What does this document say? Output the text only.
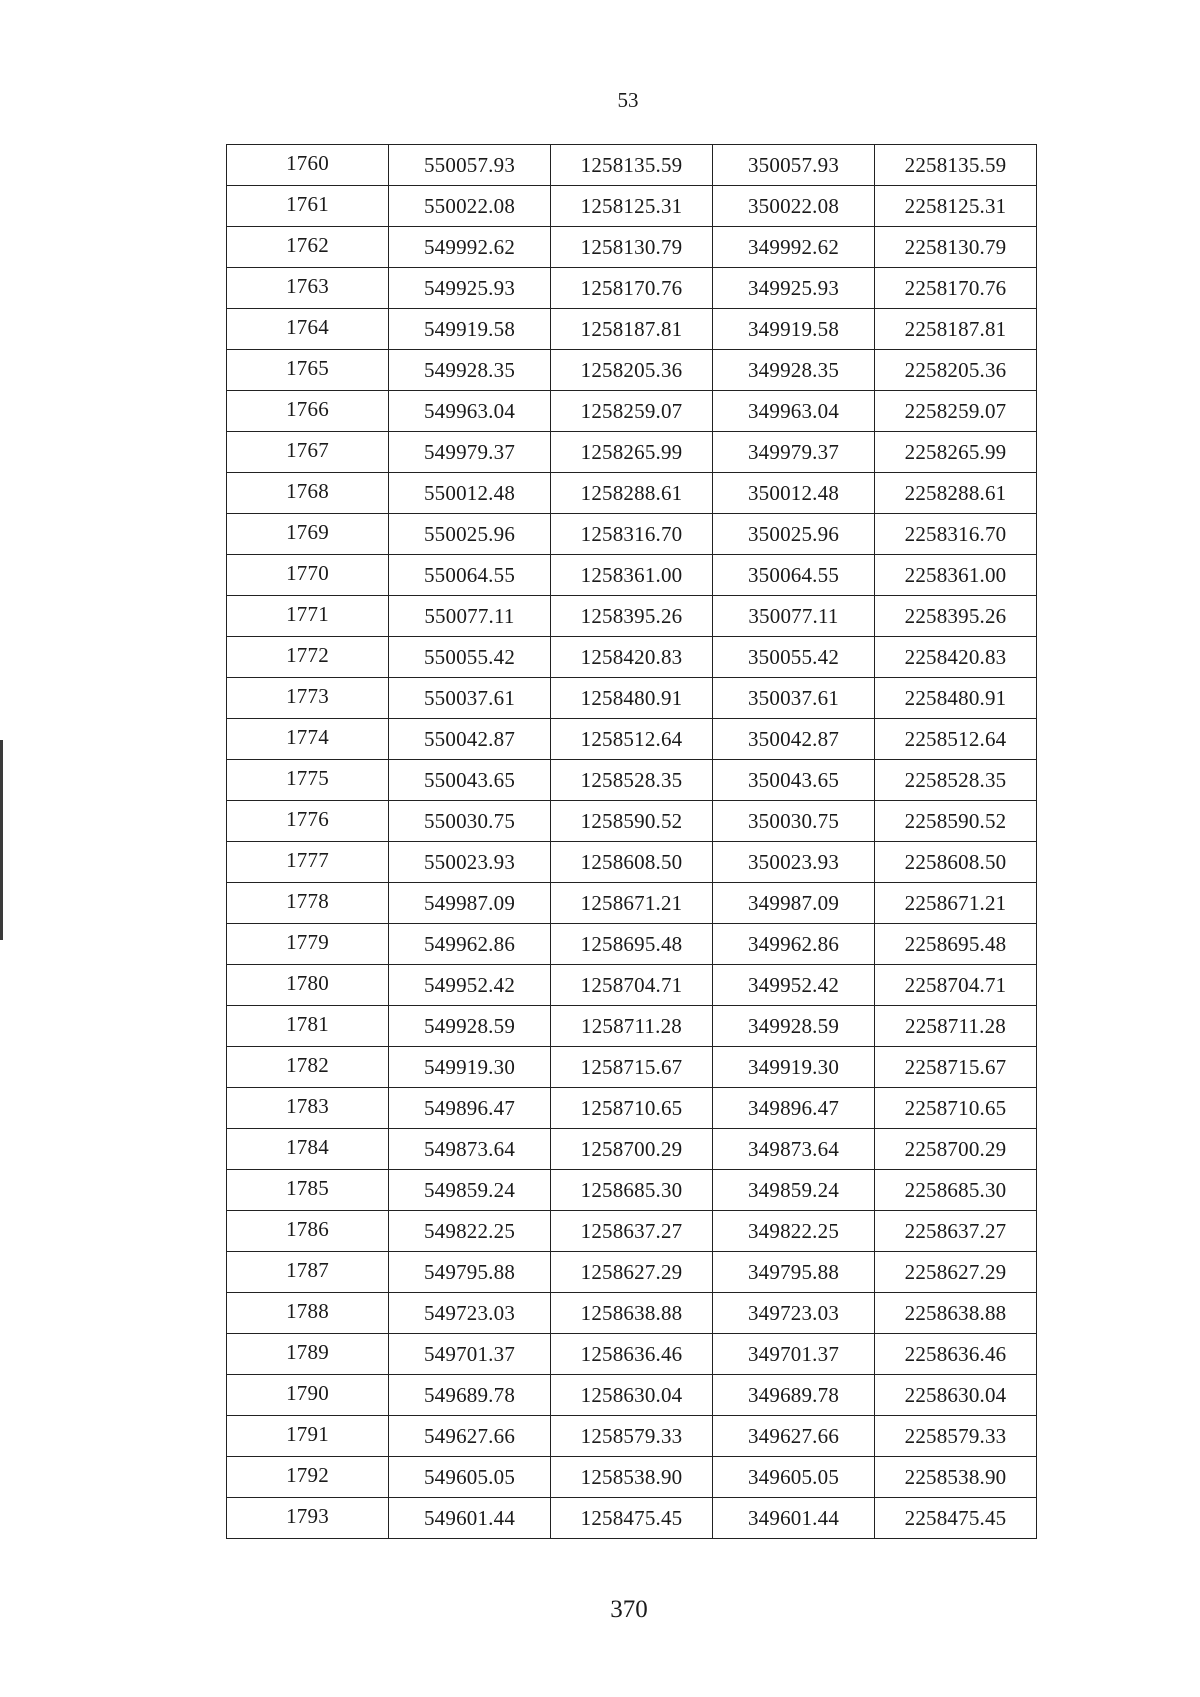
53
1760	550057.93	1258135.59	350057.93	2258135.59
1761	550022.08	1258125.31	350022.08	2258125.31
1762	549992.62	1258130.79	349992.62	2258130.79
1763	549925.93	1258170.76	349925.93	2258170.76
1764	549919.58	1258187.81	349919.58	2258187.81
1765	549928.35	1258205.36	349928.35	2258205.36
1766	549963.04	1258259.07	349963.04	2258259.07
1767	549979.37	1258265.99	349979.37	2258265.99
1768	550012.48	1258288.61	350012.48	2258288.61
1769	550025.96	1258316.70	350025.96	2258316.70
1770	550064.55	1258361.00	350064.55	2258361.00
1771	550077.11	1258395.26	350077.11	2258395.26
1772	550055.42	1258420.83	350055.42	2258420.83
1773	550037.61	1258480.91	350037.61	2258480.91
1774	550042.87	1258512.64	350042.87	2258512.64
1775	550043.65	1258528.35	350043.65	2258528.35
1776	550030.75	1258590.52	350030.75	2258590.52
1777	550023.93	1258608.50	350023.93	2258608.50
1778	549987.09	1258671.21	349987.09	2258671.21
1779	549962.86	1258695.48	349962.86	2258695.48
1780	549952.42	1258704.71	349952.42	2258704.71
1781	549928.59	1258711.28	349928.59	2258711.28
1782	549919.30	1258715.67	349919.30	2258715.67
1783	549896.47	1258710.65	349896.47	2258710.65
1784	549873.64	1258700.29	349873.64	2258700.29
1785	549859.24	1258685.30	349859.24	2258685.30
1786	549822.25	1258637.27	349822.25	2258637.27
1787	549795.88	1258627.29	349795.88	2258627.29
1788	549723.03	1258638.88	349723.03	2258638.88
1789	549701.37	1258636.46	349701.37	2258636.46
1790	549689.78	1258630.04	349689.78	2258630.04
1791	549627.66	1258579.33	349627.66	2258579.33
1792	549605.05	1258538.90	349605.05	2258538.90
1793	549601.44	1258475.45	349601.44	2258475.45
370
